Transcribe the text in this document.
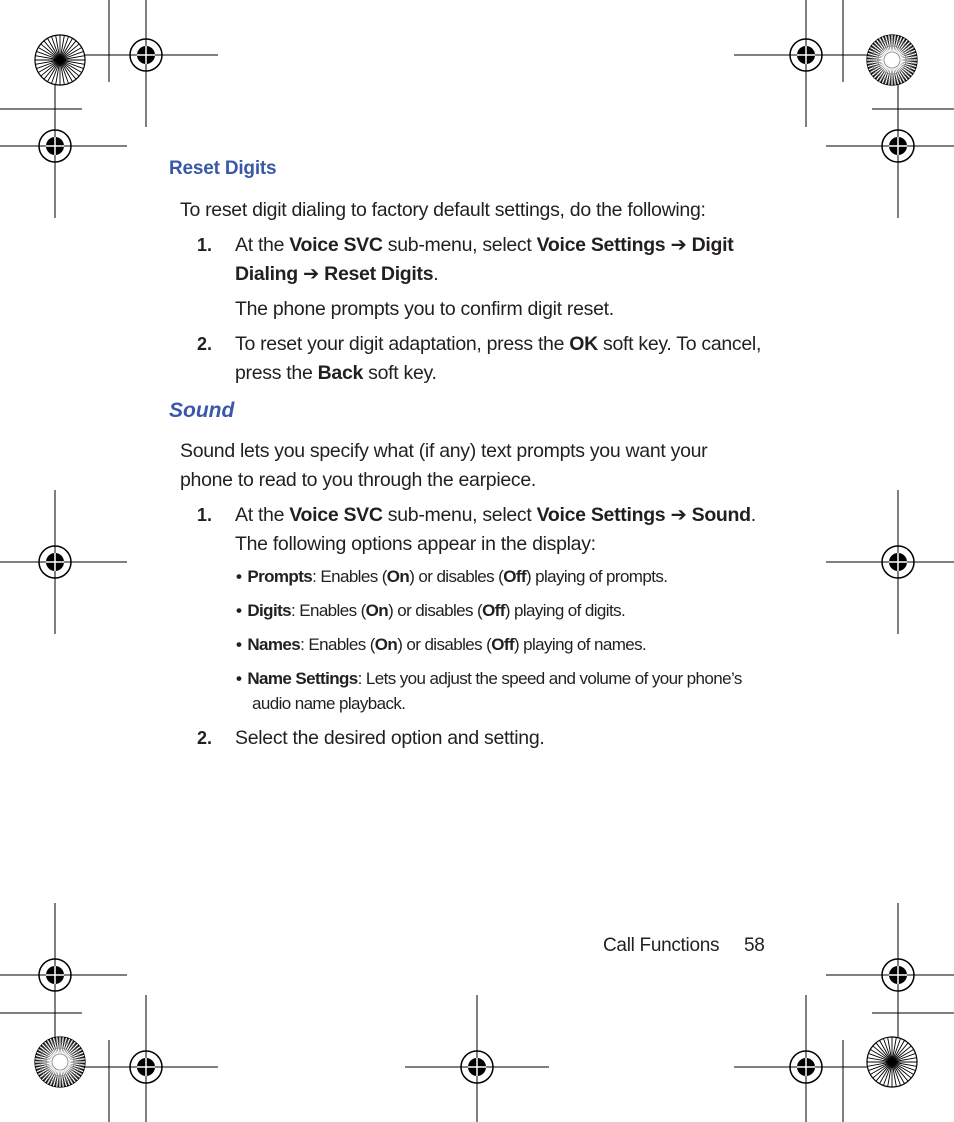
Reset Digits

To reset digit dialing to factory default settings, do the following:

1. At the Voice SVC sub-menu, select Voice Settings ➔ Digit

Dialing ➔ Reset Digits.

The phone prompts you to confirm digit reset.

2. To reset your digit adaptation, press the OK soft key. To cancel,

press the Back soft key.

Sound

Sound lets you specify what (if any) text prompts you want your

phone to read to you through the earpiece.

1. At the Voice SVC sub-menu, select Voice Settings ➔ Sound.

The following options appear in the display:

• Prompts: Enables (On) or disables (Off) playing of prompts.

• Digits: Enables (On) or disables (Off) playing of digits.

• Names: Enables (On) or disables (Off) playing of names.

• Name Settings: Lets you adjust the speed and volume of your phone’s

audio name playback.

2. Select the desired option and setting.

Call Functions 58
